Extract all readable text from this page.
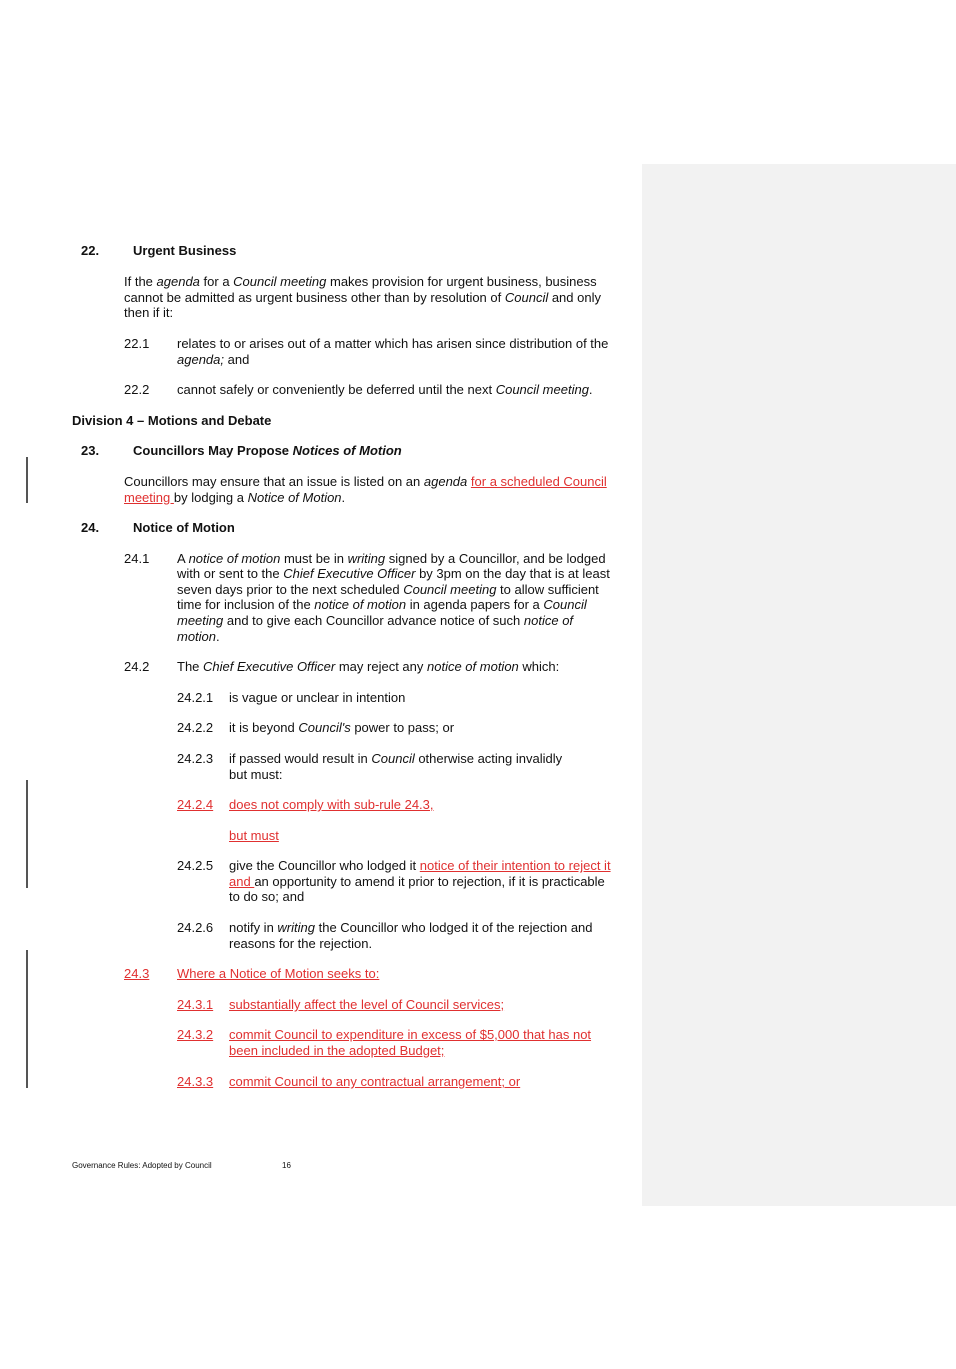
22.	Urgent Business
If the agenda for a Council meeting makes provision for urgent business, business
cannot be admitted as urgent business other than by resolution of Council and only
then if it:
22.1 relates to or arises out of a matter which has arisen since distribution of the
agenda; and
22.2 cannot safely or conveniently be deferred until the next Council meeting.
Division 4 – Motions and Debate
23.	Councillors May Propose Notices of Motion
Councillors may ensure that an issue is listed on an agenda for a scheduled Council
meeting by lodging a Notice of Motion.
24.	Notice of Motion
24.1 A notice of motion must be in writing signed by a Councillor, and be lodged
with or sent to the Chief Executive Officer by 3pm on the day that is at least
seven days prior to the next scheduled Council meeting to allow sufficient
time for inclusion of the notice of motion in agenda papers for a Council
meeting and to give each Councillor advance notice of such notice of
motion.
24.2 The Chief Executive Officer may reject any notice of motion which:
24.2.1 is vague or unclear in intention
24.2.2 it is beyond Council's power to pass; or
24.2.3 if passed would result in Council otherwise acting invalidly
but must:
24.2.4 does not comply with sub-rule 24.3,
but must
24.2.5 give the Councillor who lodged it notice of their intention to reject it
and an opportunity to amend it prior to rejection, if it is practicable
to do so; and
24.2.6 notify in writing the Councillor who lodged it of the rejection and
reasons for the rejection.
24.3	Where a Notice of Motion seeks to:
24.3.1 substantially affect the level of Council services;
24.3.2 commit Council to expenditure in excess of $5,000 that has not
been included in the adopted Budget;
24.3.3 commit Council to any contractual arrangement; or
Governance Rules: Adopted by Council	16
